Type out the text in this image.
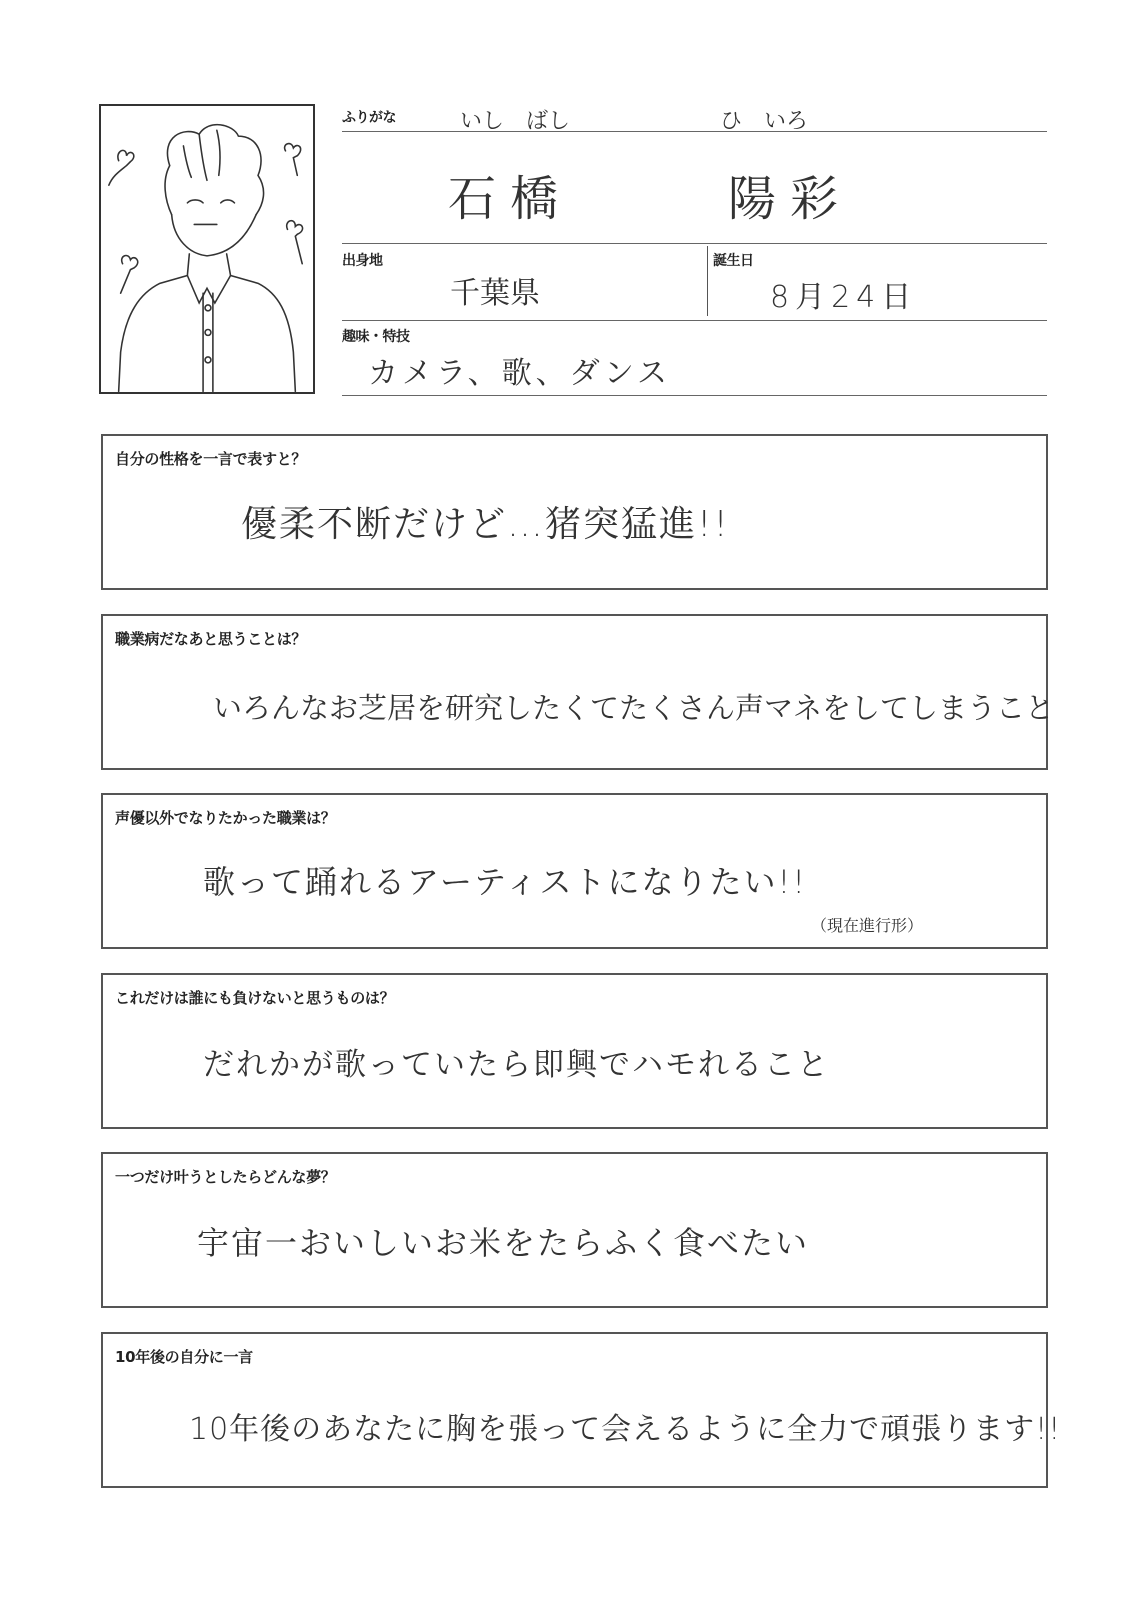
ふりがな	いし　ばし	ひ　いろ
石橋	陽彩
出身地
千葉県
誕生日
8月24日
趣味・特技
カメラ、歌、ダンス
自分の性格を一言で表すと？
優柔不断だけど…猪突猛進!!
職業病だなあと思うことは？
いろんなお芝居を研究したくてたくさん声マネをしてしまうこと
声優以外でなりたかった職業は？
歌って踊れるアーティストになりたい!!
（現在進行形）
これだけは誰にも負けないと思うものは？
だれかが歌っていたら即興でハモれること
一つだけ叶うとしたらどんな夢？
宇宙一おいしいお米をたらふく食べたい
10年後の自分に一言
10年後のあなたに胸を張って会えるように全力で頑張ります!!
